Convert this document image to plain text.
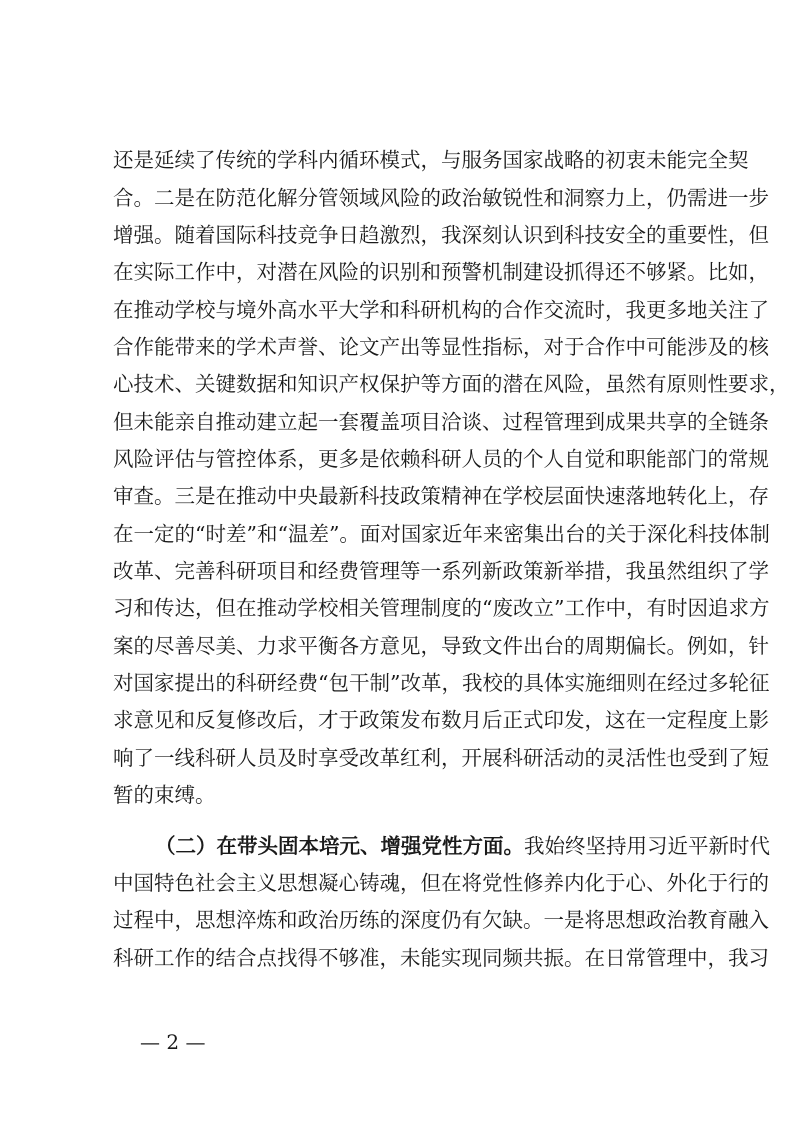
还是延续了传统的学科内循环模式，与服务国家战略的初衷未能完全契
合。二是在防范化解分管领域风险的政治敏锐性和洞察力上，仍需进一步
增强。随着国际科技竞争日趋激烈，我深刻认识到科技安全的重要性，但
在实际工作中，对潜在风险的识别和预警机制建设抓得还不够紧。比如，
在推动学校与境外高水平大学和科研机构的合作交流时，我更多地关注了
合作能带来的学术声誉、论文产出等显性指标，对于合作中可能涉及的核
心技术、关键数据和知识产权保护等方面的潜在风险，虽然有原则性要求，
但未能亲自推动建立起一套覆盖项目洽谈、过程管理到成果共享的全链条
风险评估与管控体系，更多是依赖科研人员的个人自觉和职能部门的常规
审查。三是在推动中央最新科技政策精神在学校层面快速落地转化上，存
在一定的“时差”和“温差”。面对国家近年来密集出台的关于深化科技体制
改革、完善科研项目和经费管理等一系列新政策新举措，我虽然组织了学
习和传达，但在推动学校相关管理制度的“废改立”工作中，有时因追求方
案的尽善尽美、力求平衡各方意见，导致文件出台的周期偏长。例如，针
对国家提出的科研经费“包干制”改革，我校的具体实施细则在经过多轮征
求意见和反复修改后，才于政策发布数月后正式印发，这在一定程度上影
响了一线科研人员及时享受改革红利，开展科研活动的灵活性也受到了短
暂的束缚。
（二）在带头固本培元、增强党性方面。我始终坚持用习近平新时代
中国特色社会主义思想凝心铸魂，但在将党性修养内化于心、外化于行的
过程中，思想淬炼和政治历练的深度仍有欠缺。一是将思想政治教育融入
科研工作的结合点找得不够准，未能实现同频共振。在日常管理中，我习
— 2 —
